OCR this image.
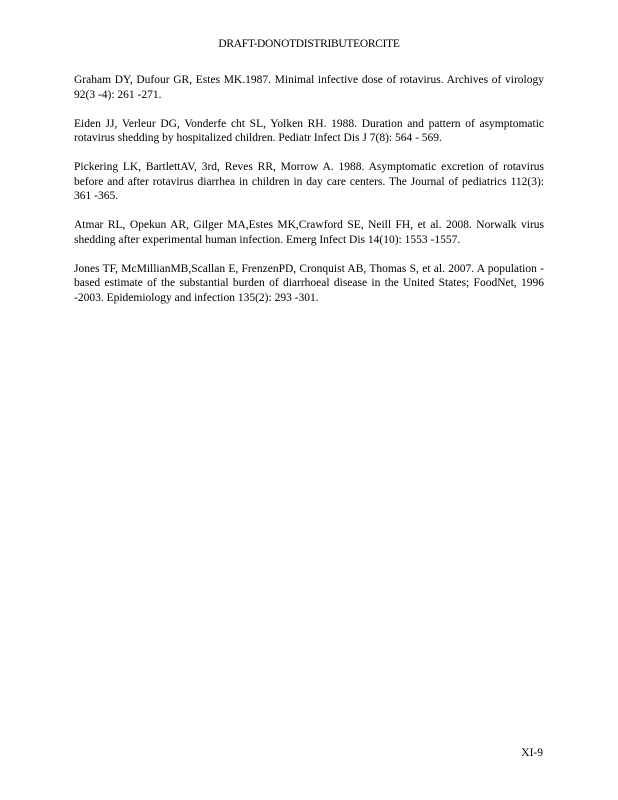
DRAFT-DONOTDISTRIBUTEORCITE

Graham DY, Dufour GR, Estes MK.1987. Minimal infective dose of rotavirus. Archives of virology 92(3 -4): 261 -271.

Eiden JJ, Verleur DG, Vonderfe cht SL, Yolken RH. 1988. Duration and pattern of asymptomatic rotavirus shedding by hospitalized children. Pediatr Infect Dis J 7(8): 564 - 569.

Pickering LK, BartlettAV, 3rd, Reves RR, Morrow A. 1988. Asymptomatic excretion of rotavirus before and after rotavirus diarrhea in children in day care centers. The Journal of pediatrics 112(3): 361 -365.

Atmar RL, Opekun AR, Gilger MA,Estes MK,Crawford SE, Neill FH, et al. 2008. Norwalk virus shedding after experimental human infection. Emerg Infect Dis 14(10): 1553 -1557.

Jones TF, McMillianMB,Scallan E, FrenzenPD, Cronquist AB, Thomas S, et al. 2007. A population -based estimate of the substantial burden of diarrhoeal disease in the United States; FoodNet, 1996 -2003. Epidemiology and infection 135(2): 293 -301.

XI-9
